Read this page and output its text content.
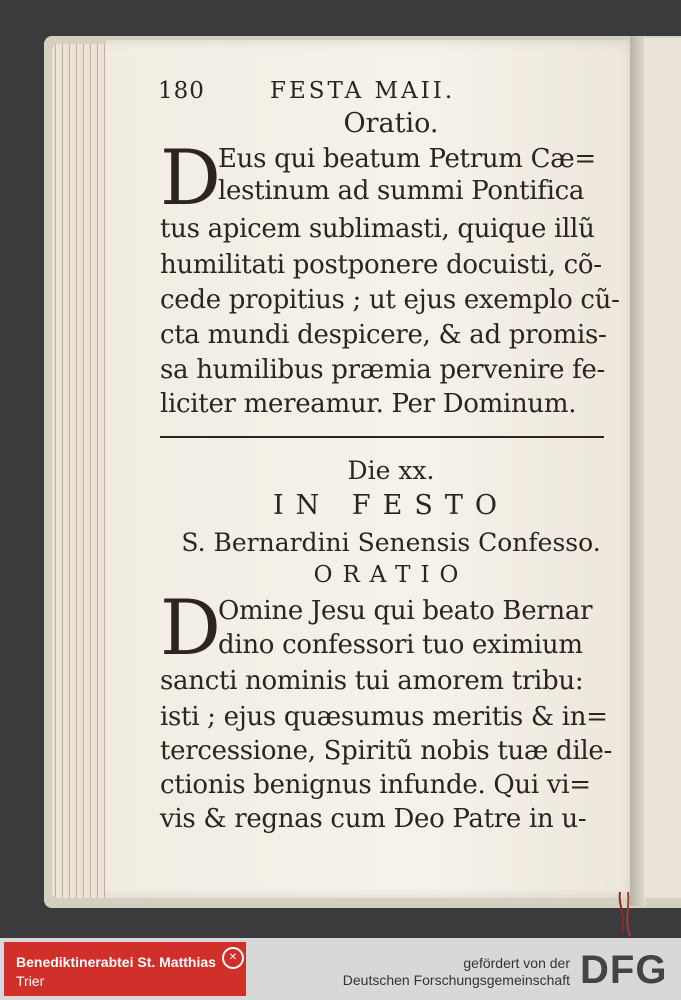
180	FESTA MAII.
Oratio.
D
Eus qui beatum Petrum Cæ=
lestinum ad summi Pontifica
tus apicem sublimasti, quique illũ
humilitati postponere docuisti, cõ-
cede propitius ; ut ejus exemplo cũ-
cta mundi despicere, & ad promis-
sa humilibus præmia pervenire fe-
liciter mereamur. Per Dominum.
Die xx.
IN FESTO
S. Bernardini Senensis Confesso.
ORATIO
D
Omine Jesu qui beato Bernar
dino confessori tuo eximium
sancti nominis tui amorem tribu:
isti ; ejus quæsumus meritis & in=
tercessione, Spiritũ nobis tuæ dile-
ctionis benignus infunde. Qui vi=
vis & regnas cum Deo Patre in u-
Benediktinerabtei St. Matthias
Trier
✕	gefördert von der
Deutschen Forschungsgemeinschaft DFG
